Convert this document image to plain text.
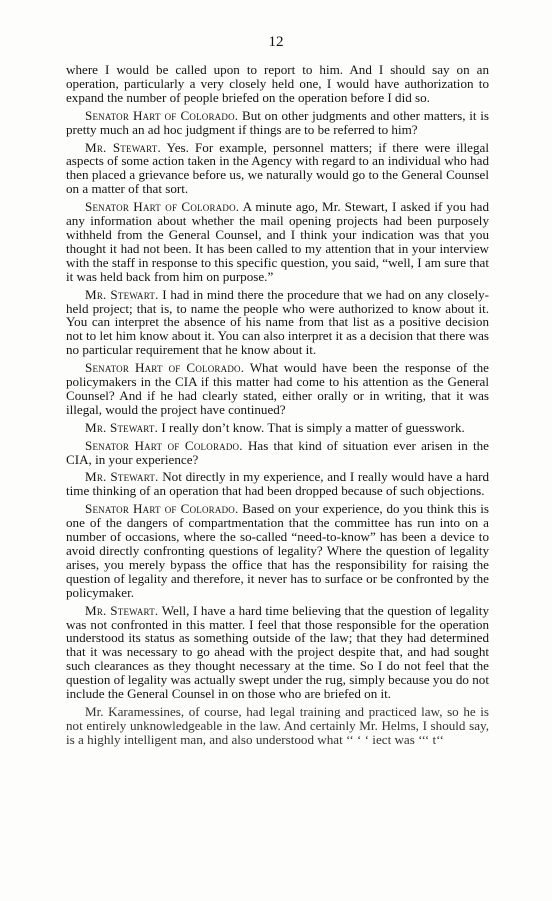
12

where I would be called upon to report to him. And I should say on an operation, particularly a very closely held one, I would have authorization to expand the number of people briefed on the operation before I did so.

Senator Hart of Colorado. But on other judgments and other matters, it is pretty much an ad hoc judgment if things are to be referred to him?

Mr. Stewart. Yes. For example, personnel matters; if there were illegal aspects of some action taken in the Agency with regard to an individual who had then placed a grievance before us, we naturally would go to the General Counsel on a matter of that sort.

Senator Hart of Colorado. A minute ago, Mr. Stewart, I asked if you had any information about whether the mail opening projects had been purposely withheld from the General Counsel, and I think your indication was that you thought it had not been. It has been called to my attention that in your interview with the staff in response to this specific question, you said, “well, I am sure that it was held back from him on purpose.”

Mr. Stewart. I had in mind there the procedure that we had on any closely-held project; that is, to name the people who were authorized to know about it. You can interpret the absence of his name from that list as a positive decision not to let him know about it. You can also interpret it as a decision that there was no particular requirement that he know about it.

Senator Hart of Colorado. What would have been the response of the policymakers in the CIA if this matter had come to his attention as the General Counsel? And if he had clearly stated, either orally or in writing, that it was illegal, would the project have continued?

Mr. Stewart. I really don’t know. That is simply a matter of guesswork.

Senator Hart of Colorado. Has that kind of situation ever arisen in the CIA, in your experience?

Mr. Stewart. Not directly in my experience, and I really would have a hard time thinking of an operation that had been dropped because of such objections.

Senator Hart of Colorado. Based on your experience, do you think this is one of the dangers of compartmentation that the committee has run into on a number of occasions, where the so-called “need-to-know” has been a device to avoid directly confronting questions of legality? Where the question of legality arises, you merely bypass the office that has the responsibility for raising the question of legality and therefore, it never has to surface or be confronted by the policymaker.

Mr. Stewart. Well, I have a hard time believing that the question of legality was not confronted in this matter. I feel that those responsible for the operation understood its status as something outside of the law; that they had determined that it was necessary to go ahead with the project despite that, and had sought such clearances as they thought necessary at the time. So I do not feel that the question of legality was actually swept under the rug, simply because you do not include the General Counsel in on those who are briefed on it.

Mr. Karamessines, of course, had legal training and practiced law, so he is not entirely unknowledgeable in the law. And certainly Mr. Helms, I should say, is a highly intelligent man, and also understood what ‘‘ ‘ ‘ iect was ‘‘‘ t‘‘
